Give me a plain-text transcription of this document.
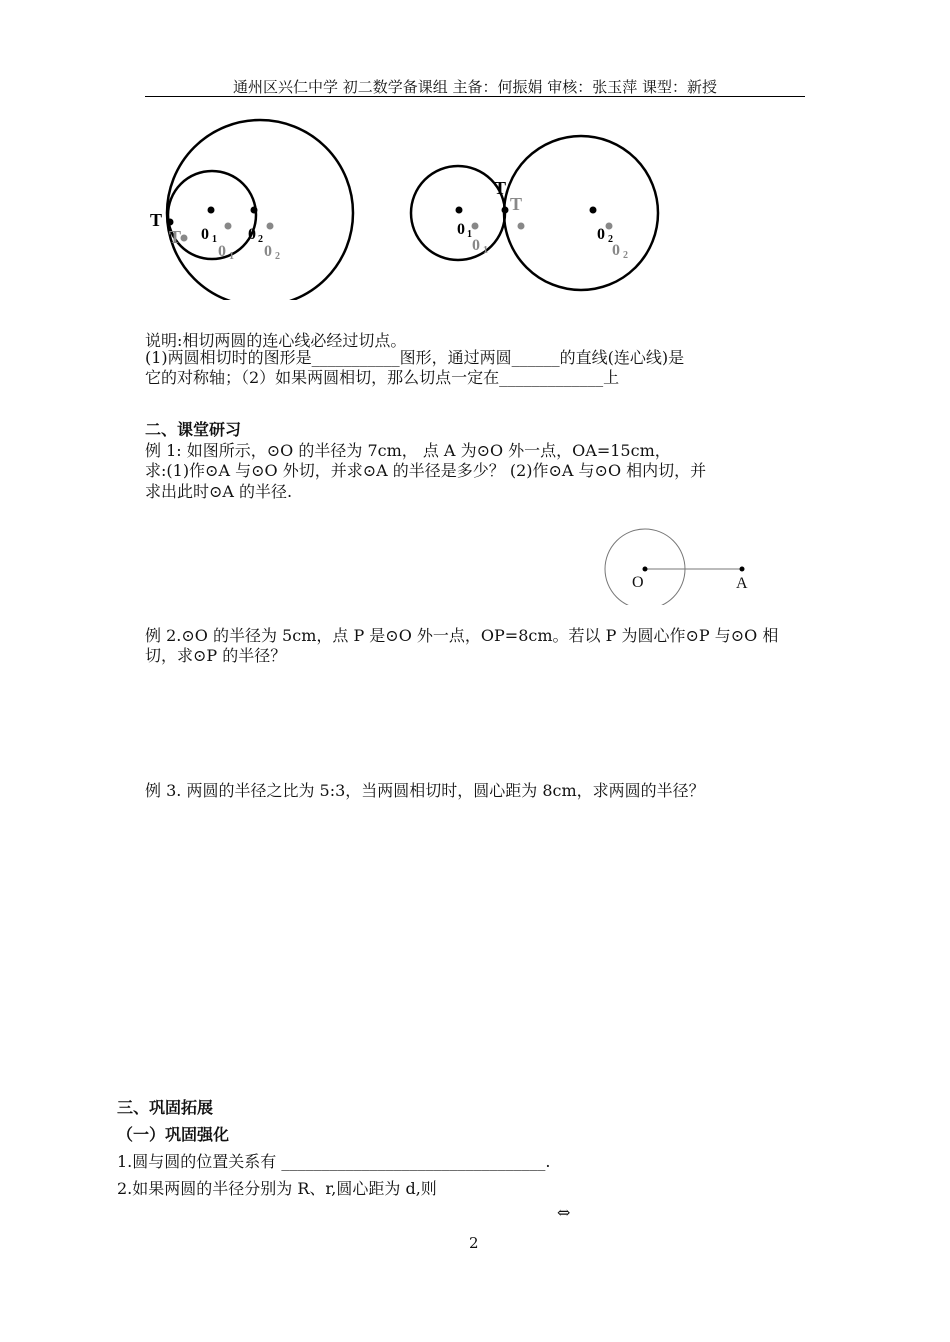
通州区兴仁中学 初二数学备课组 主备：何振娟 审核：张玉萍 课型：新授
T
T 0 1 0 2
0 1 0 2
T
T
0 1
0 1
0 2
0 2
说明:相切两圆的连心线必经过切点。
(1)两圆相切时的图形是___________图形，通过两圆______的直线(连心线)是
它的对称轴；（2）如果两圆相切，那么切点一定在_____________上
二、课堂研习
例 1: 如图所示，⊙O 的半径为 7cm， 点 A 为⊙O 外一点，OA=15cm，
求:(1)作⊙A 与⊙O 外切，并求⊙A 的半径是多少？ (2)作⊙A 与⊙O 相内切，并
求出此时⊙A 的半径.
O	A
例 2.⊙O 的半径为 5cm，点 P 是⊙O 外一点，OP=8cm。若以 P 为圆心作⊙P 与⊙O 相
切，求⊙P 的半径？
例 3. 两圆的半径之比为 5:3，当两圆相切时，圆心距为 8cm，求两圆的半径？
三、巩固拓展
（一）巩固强化
1.圆与圆的位置关系有 _________________________________.
2.如果两圆的半径分别为 R、r,圆心距为 d,则
⇔
2
